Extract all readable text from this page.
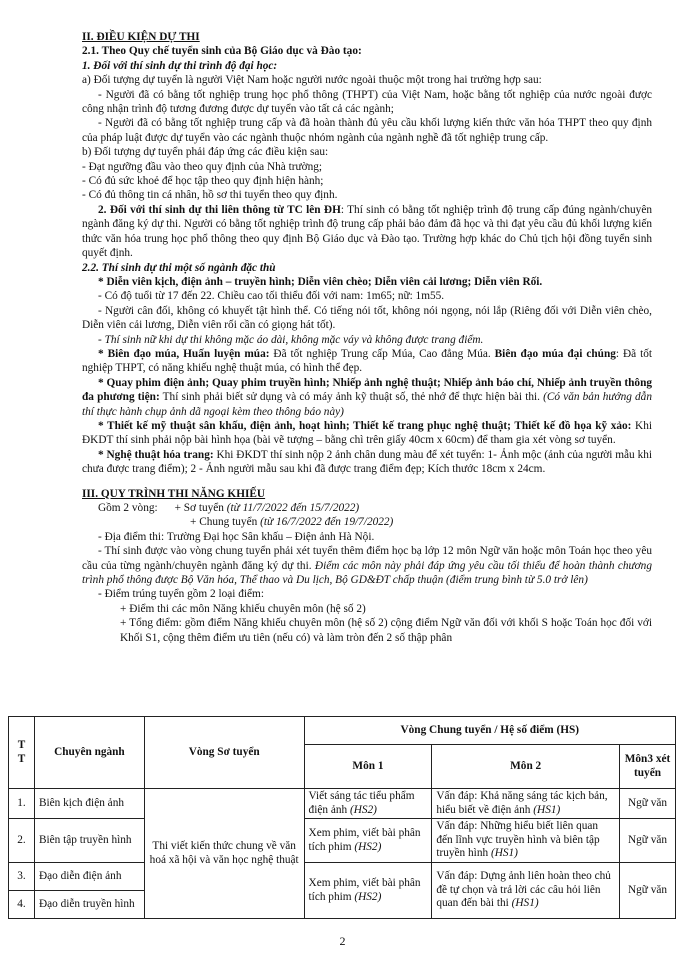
II. ĐIỀU KIỆN DỰ THI

2.1. Theo Quy chế tuyển sinh của Bộ Giáo dục và Đào tạo:

1. Đối với thí sinh dự thi trình độ đại học:

a) Đối tượng dự tuyển là người Việt Nam hoặc người nước ngoài thuộc một trong hai trường hợp sau:

- Người đã có bằng tốt nghiệp trung học phổ thông (THPT) của Việt Nam, hoặc bằng tốt nghiệp của nước ngoài được công nhận trình độ tương đương được dự tuyển vào tất cả các ngành;

- Người đã có bằng tốt nghiệp trung cấp và đã hoàn thành đủ yêu cầu khối lượng kiến thức văn hóa THPT theo quy định của pháp luật được dự tuyển vào các ngành thuộc nhóm ngành của ngành nghề đã tốt nghiệp trung cấp.

b) Đối tượng dự tuyển phải đáp ứng các điều kiện sau:

- Đạt ngưỡng đầu vào theo quy định của Nhà trường;

- Có đủ sức khoẻ để học tập theo quy định hiện hành;

- Có đủ thông tin cá nhân, hồ sơ thi tuyển theo quy định.

2. Đối với thí sinh dự thi liên thông từ TC lên ĐH: Thí sinh có bằng tốt nghiệp trình độ trung cấp đúng ngành/chuyên ngành đăng ký dự thi. Người có bằng tốt nghiệp trình độ trung cấp phải bảo đảm đã học và thi đạt yêu cầu đủ khối lượng kiến thức văn hóa trung học phổ thông theo quy định Bộ Giáo dục và Đào tạo. Trường hợp khác do Chủ tịch hội đồng tuyển sinh quyết định.

2.2. Thí sinh dự thi một số ngành đặc thù

* Diễn viên kịch, điện ảnh – truyền hình; Diễn viên chèo; Diễn viên cải lương; Diễn viên Rối.

- Có độ tuổi từ 17 đến 22. Chiều cao tối thiểu đối với nam: 1m65; nữ: 1m55.

- Người cân đối, không có khuyết tật hình thể. Có tiếng nói tốt, không nói ngọng, nói lắp (Riêng đối với Diễn viên chèo, Diễn viên cải lương, Diễn viên rối cần có giọng hát tốt).

- Thí sinh nữ khi dự thi không mặc áo dài, không mặc váy và không được trang điểm.

* Biên đạo múa, Huấn luyện múa: Đã tốt nghiệp Trung cấp Múa, Cao đẳng Múa. Biên đạo múa đại chúng: Đã tốt nghiệp THPT, có năng khiếu nghệ thuật múa, có hình thể đẹp.

* Quay phim điện ảnh; Quay phim truyền hình; Nhiếp ảnh nghệ thuật; Nhiếp ảnh báo chí, Nhiếp ảnh truyền thông đa phương tiện: Thí sinh phải biết sử dụng và có máy ảnh kỹ thuật số, thẻ nhớ để thực hiện bài thi. (Có văn bản hướng dẫn thí thực hành chụp ảnh dã ngoại kèm theo thông báo này)

* Thiết kế mỹ thuật sân khấu, điện ảnh, hoạt hình; Thiết kế trang phục nghệ thuật; Thiết kế đồ họa kỹ xảo: Khi ĐKDT thí sinh phải nộp bài hình họa (bài vẽ tượng – bằng chì trên giấy 40cm x 60cm) để tham gia xét vòng sơ tuyển.

* Nghệ thuật hóa trang: Khi ĐKDT thí sinh nộp 2 ảnh chân dung màu để xét tuyển: 1- Ảnh mộc (ảnh của người mẫu khi chưa được trang điểm); 2 - Ảnh người mẫu sau khi đã được trang điểm đẹp; Kích thước 18cm x 24cm.

III. QUY TRÌNH THI NĂNG KHIẾU

Gồm 2 vòng: + Sơ tuyển (từ 11/7/2022 đến 15/7/2022)

+ Chung tuyển (từ 16/7/2022 đến 19/7/2022)

- Địa điểm thi: Trường Đại học Sân khấu – Điện ảnh Hà Nội.

- Thí sinh được vào vòng chung tuyển phải xét tuyển thêm điểm học bạ lớp 12 môn Ngữ văn hoặc môn Toán học theo yêu cầu của từng ngành/chuyên ngành đăng ký dự thi. Điểm các môn này phải đáp ứng yêu cầu tối thiểu để hoàn thành chương trình phổ thông được Bộ Văn hóa, Thể thao và Du lịch, Bộ GD&ĐT chấp thuận (điểm trung bình từ 5.0 trở lên)

- Điểm trúng tuyển gồm 2 loại điểm:

+ Điểm thi các môn Năng khiếu chuyên môn (hệ số 2)

+ Tổng điểm: gồm điểm Năng khiếu chuyên môn (hệ số 2) cộng điểm Ngữ văn đối với khối S hoặc Toán học đối với Khối S1, cộng thêm điểm ưu tiên (nếu có) và làm tròn đến 2 số thập phân

T T	Chuyên ngành	Vòng Sơ tuyển	Vòng Chung tuyển / Hệ số điểm (HS)		
			Môn 1	Môn 2	Môn3 xét tuyển
1.	Biên kịch điện ảnh	Thi viết kiến thức chung về văn hoá xã hội và văn học nghệ thuật	Viết sáng tác tiểu phẩm điện ảnh (HS2)	Vấn đáp: Khả năng sáng tác kịch bản, hiểu biết về điện ảnh (HS1)	Ngữ văn
2.	Biên tập truyền hình		Xem phim, viết bài phân tích phim (HS2)	Vấn đáp: Những hiểu biết liên quan đến lĩnh vực truyền hình và biên tập truyền hình (HS1)	Ngữ văn
3.	Đạo diễn điện ảnh		Xem phim, viết bài phân tích phim (HS2)	Vấn đáp: Dựng ảnh liên hoàn theo chủ đề tự chọn và trả lời các câu hỏi liên quan đến bài thi (HS1)	Ngữ văn
4.	Đạo diễn truyền hình				
2
